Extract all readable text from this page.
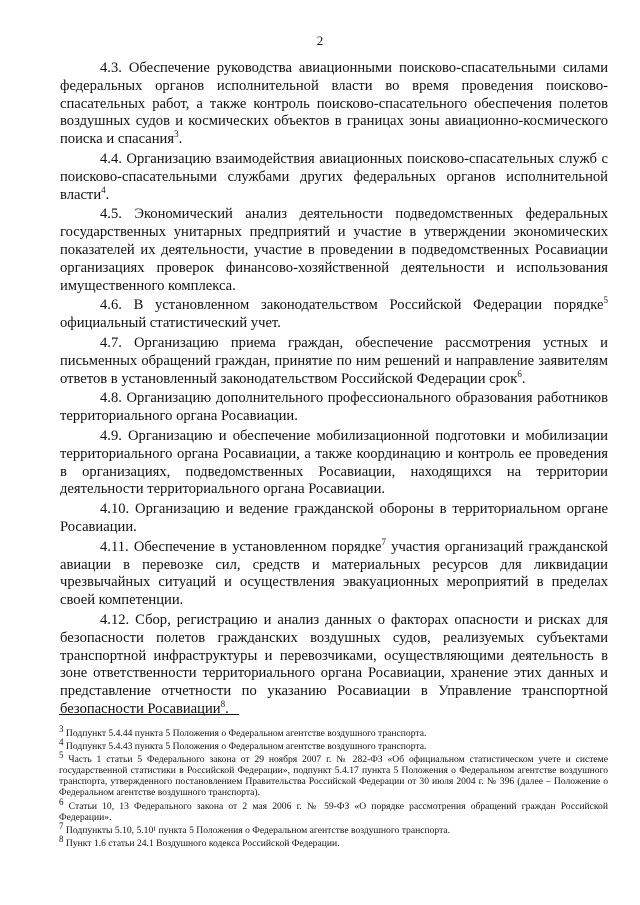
2

4.3. Обеспечение руководства авиационными поисково-спасательными силами федеральных органов исполнительной власти во время проведения поисково-спасательных работ, а также контроль поисково-спасательного обеспечения полетов воздушных судов и космических объектов в границах зоны авиационно-космического поиска и спасания$^3$.

4.4. Организацию взаимодействия авиационных поисково-спасательных служб с поисково-спасательными службами других федеральных органов исполнительной власти$^4$.

4.5. Экономический анализ деятельности подведомственных федеральных государственных унитарных предприятий и участие в утверждении экономических показателей их деятельности, участие в проведении в подведомственных Росавиации организациях проверок финансово-хозяйственной деятельности и использования имущественного комплекса.

4.6. В установленном законодательством Российской Федерации порядке$^5$ официальный статистический учет.

4.7. Организацию приема граждан, обеспечение рассмотрения устных и письменных обращений граждан, принятие по ним решений и направление заявителям ответов в установленный законодательством Российской Федерации срок$^6$.

4.8. Организацию дополнительного профессионального образования работников территориального органа Росавиации.

4.9. Организацию и обеспечение мобилизационной подготовки и мобилизации территориального органа Росавиации, а также координацию и контроль ее проведения в организациях, подведомственных Росавиации, находящихся на территории деятельности территориального органа Росавиации.

4.10. Организацию и ведение гражданской обороны в территориальном органе Росавиации.

4.11. Обеспечение в установленном порядке$^7$ участия организаций гражданской авиации в перевозке сил, средств и материальных ресурсов для ликвидации чрезвычайных ситуаций и осуществления эвакуационных мероприятий в пределах своей компетенции.

4.12. Сбор, регистрацию и анализ данных о факторах опасности и рисках для безопасности полетов гражданских воздушных судов, реализуемых субъектами транспортной инфраструктуры и перевозчиками, осуществляющими деятельность в зоне ответственности территориального органа Росавиации, хранение этих данных и представление отчетности по указанию Росавиации в Управление транспортной безопасности Росавиации$^8$.

$^3$ Подпункт 5.4.44 пункта 5 Положения о Федеральном агентстве воздушного транспорта.

$^4$ Подпункт 5.4.43 пункта 5 Положения о Федеральном агентстве воздушного транспорта.

$^5$ Часть 1 статьи 5 Федерального закона от 29 ноября 2007 г. № 282-ФЗ «Об официальном статистическом учете и системе государственной статистики в Российской Федерации», подпункт 5.4.17 пункта 5 Положения о Федеральном агентстве воздушного транспорта, утвержденного постановлением Правительства Российской Федерации от 30 июля 2004 г. № 396 (далее – Положение о Федеральном агентстве воздушного транспорта).

$^6$ Статьи 10, 13 Федерального закона от 2 мая 2006 г. № 59-ФЗ «О порядке рассмотрения обращений граждан Российской Федерации».

$^7$ Подпункты 5.10, 5.10¹ пункта 5 Положения о Федеральном агентстве воздушного транспорта.

$^8$ Пункт 1.6 статьи 24.1 Воздушного кодекса Российской Федерации.
